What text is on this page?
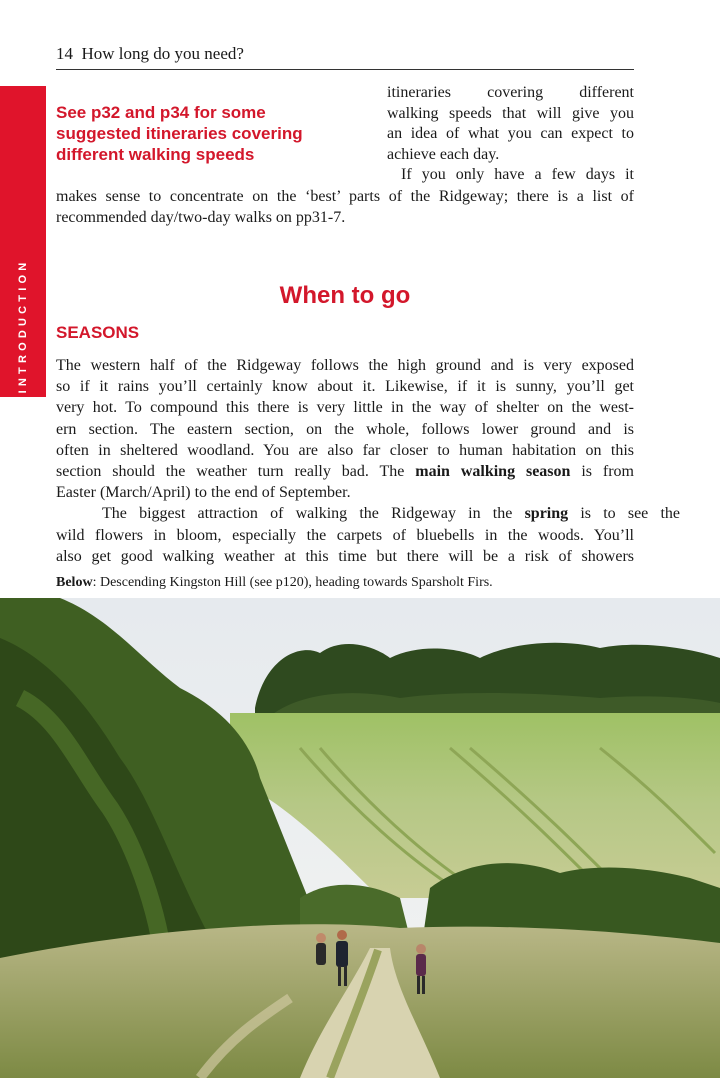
14 How long do you need?
INTRODUCTION
See p32 and p34 for some
suggested itineraries covering
different walking speeds
itineraries covering different
walking speeds that will give you
an idea of what you can expect to
achieve each day.
If you only have a few days it
makes sense to concentrate on the ‘best’ parts of the Ridgeway; there is a list of
recommended day/two-day walks on pp31-7.
When to go
SEASONS
The western half of the Ridgeway follows the high ground and is very exposed
so if it rains you’ll certainly know about it. Likewise, if it is sunny, you’ll get
very hot. To compound this there is very little in the way of shelter on the west-
ern section. The eastern section, on the whole, follows lower ground and is
often in sheltered woodland. You are also far closer to human habitation on this
section should the weather turn really bad. The main walking season is from
Easter (March/April) to the end of September.
The biggest attraction of walking the Ridgeway in the spring is to see the
wild flowers in bloom, especially the carpets of bluebells in the woods. You’ll
also get good walking weather at this time but there will be a risk of showers
Below: Descending Kingston Hill (see p120), heading towards Sparsholt Firs.
